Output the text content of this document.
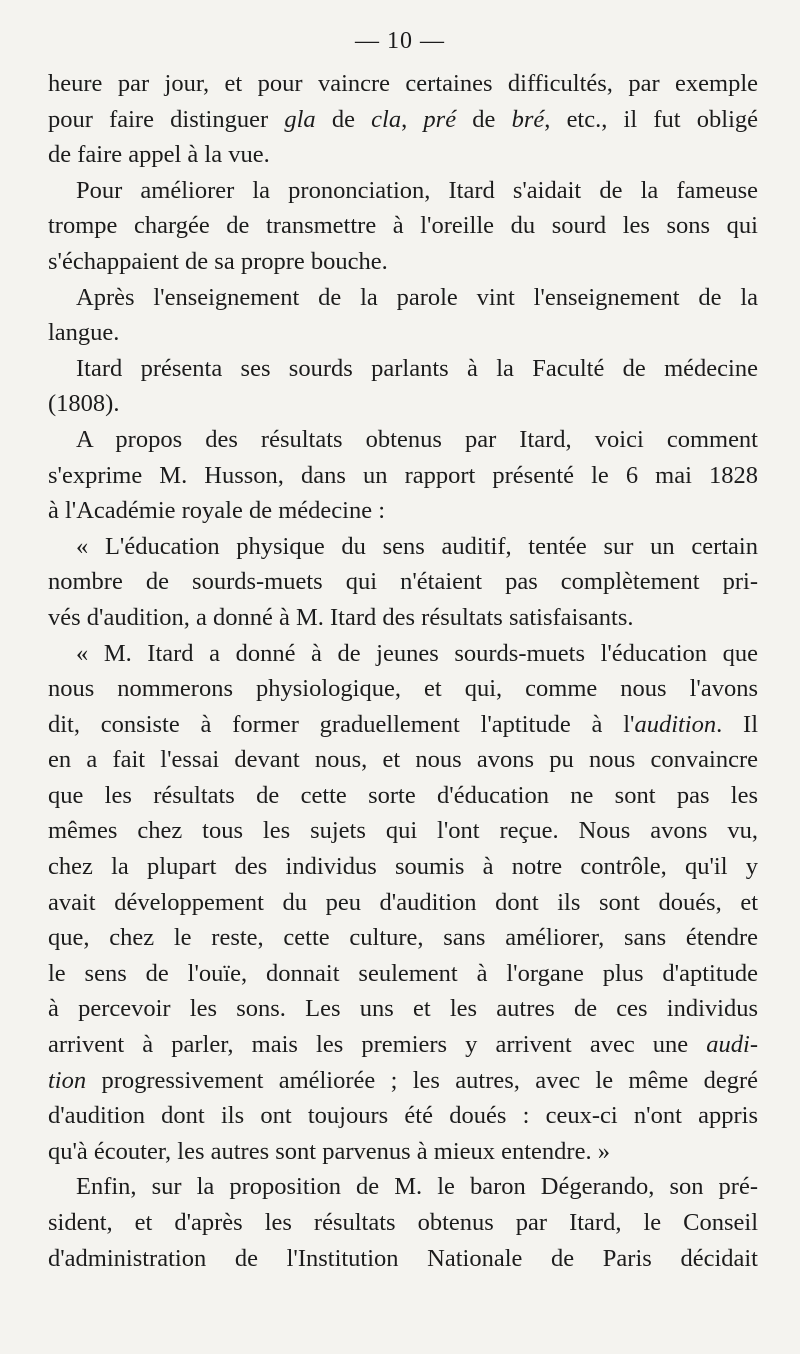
— 10 —
heure par jour, et pour vaincre certaines difficultés, par exemple
pour faire distinguer gla de cla, pré de bré, etc., il fut obligé
de faire appel à la vue.
Pour améliorer la prononciation, Itard s'aidait de la fameuse
trompe chargée de transmettre à l'oreille du sourd les sons qui
s'échappaient de sa propre bouche.
Après l'enseignement de la parole vint l'enseignement de la
langue.
Itard présenta ses sourds parlants à la Faculté de médecine
(1808).
A propos des résultats obtenus par Itard, voici comment
s'exprime M. Husson, dans un rapport présenté le 6 mai 1828
à l'Académie royale de médecine :
« L'éducation physique du sens auditif, tentée sur un certain
nombre de sourds-muets qui n'étaient pas complètement pri-
vés d'audition, a donné à M. Itard des résultats satisfaisants.
« M. Itard a donné à de jeunes sourds-muets l'éducation que
nous nommerons physiologique, et qui, comme nous l'avons
dit, consiste à former graduellement l'aptitude à l'audition. Il
en a fait l'essai devant nous, et nous avons pu nous convaincre
que les résultats de cette sorte d'éducation ne sont pas les
mêmes chez tous les sujets qui l'ont reçue. Nous avons vu,
chez la plupart des individus soumis à notre contrôle, qu'il y
avait développement du peu d'audition dont ils sont doués, et
que, chez le reste, cette culture, sans améliorer, sans étendre
le sens de l'ouïe, donnait seulement à l'organe plus d'aptitude
à percevoir les sons. Les uns et les autres de ces individus
arrivent à parler, mais les premiers y arrivent avec une audi-
tion progressivement améliorée ; les autres, avec le même degré
d'audition dont ils ont toujours été doués : ceux-ci n'ont appris
qu'à écouter, les autres sont parvenus à mieux entendre. »
Enfin, sur la proposition de M. le baron Dégerando, son pré-
sident, et d'après les résultats obtenus par Itard, le Conseil
d'administration de l'Institution Nationale de Paris décidait
